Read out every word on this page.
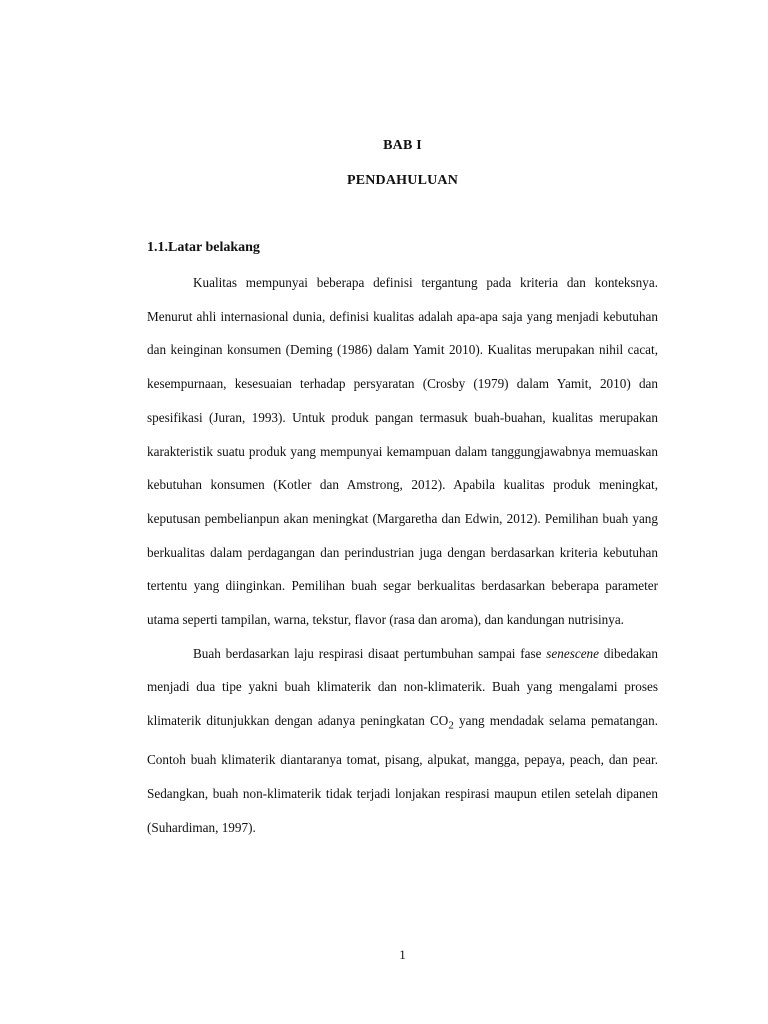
BAB I
PENDAHULUAN
1.1.Latar belakang

Kualitas mempunyai beberapa definisi tergantung pada kriteria dan konteksnya. Menurut ahli internasional dunia, definisi kualitas adalah apa-apa saja yang menjadi kebutuhan dan keinginan konsumen (Deming (1986) dalam Yamit 2010). Kualitas merupakan nihil cacat, kesempurnaan, kesesuaian terhadap persyaratan (Crosby (1979) dalam Yamit, 2010) dan spesifikasi (Juran, 1993). Untuk produk pangan termasuk buah-buahan, kualitas merupakan karakteristik suatu produk yang mempunyai kemampuan dalam tanggungjawabnya memuaskan kebutuhan konsumen (Kotler dan Amstrong, 2012). Apabila kualitas produk meningkat, keputusan pembelianpun akan meningkat (Margaretha dan Edwin, 2012). Pemilihan buah yang berkualitas dalam perdagangan dan perindustrian juga dengan berdasarkan kriteria kebutuhan tertentu yang diinginkan. Pemilihan buah segar berkualitas berdasarkan beberapa parameter utama seperti tampilan, warna, tekstur, flavor (rasa dan aroma), dan kandungan nutrisinya.

Buah berdasarkan laju respirasi disaat pertumbuhan sampai fase senescene dibedakan menjadi dua tipe yakni buah klimaterik dan non-klimaterik. Buah yang mengalami proses klimaterik ditunjukkan dengan adanya peningkatan $CO_2$ yang mendadak selama pematangan. Contoh buah klimaterik diantaranya tomat, pisang, alpukat, mangga, pepaya, peach, dan pear. Sedangkan, buah non-klimaterik tidak terjadi lonjakan respirasi maupun etilen setelah dipanen (Suhardiman, 1997).

1
